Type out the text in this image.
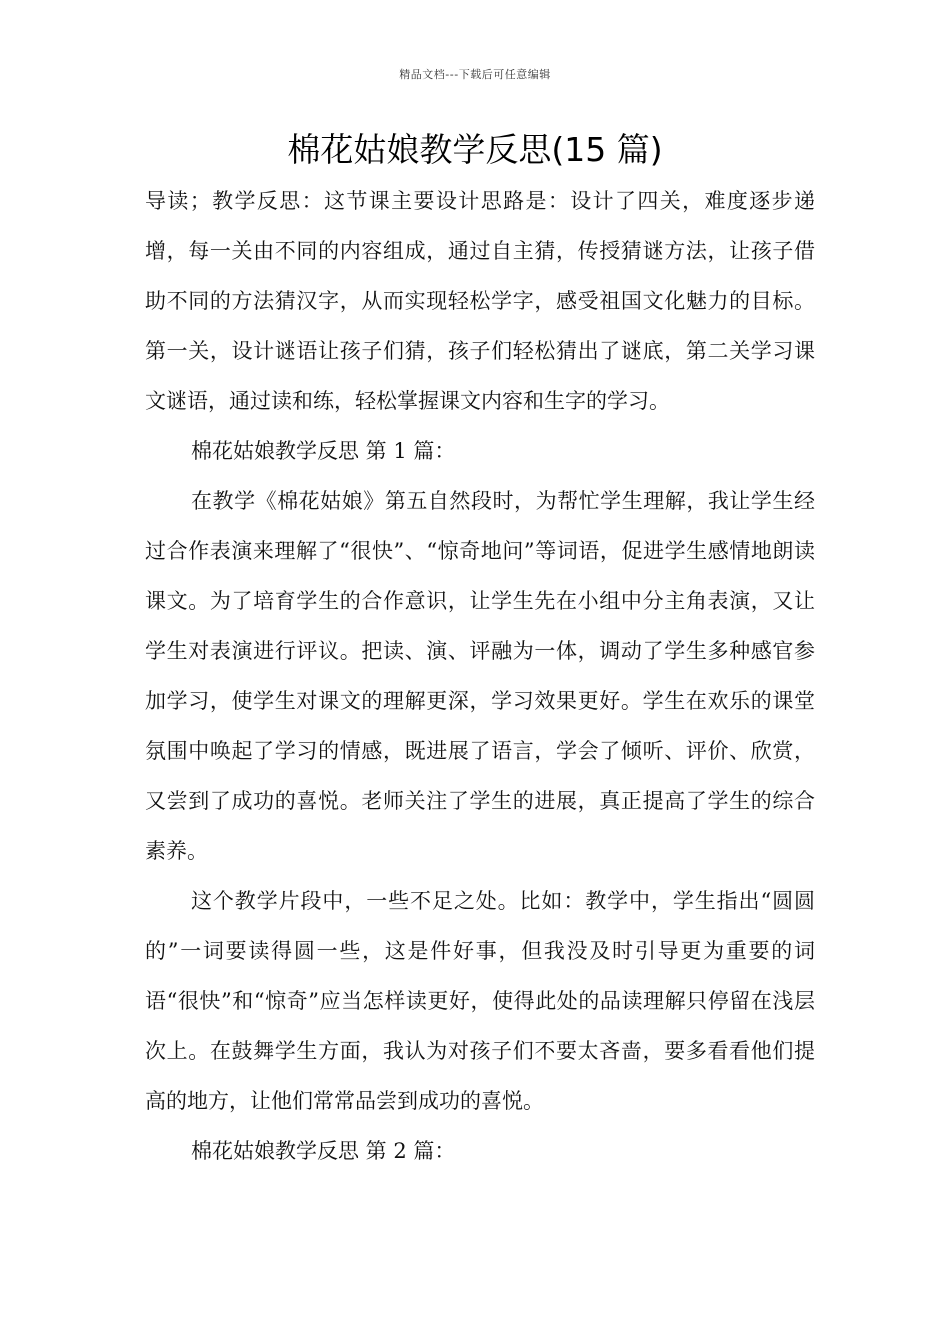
精品文档---下载后可任意编辑
棉花姑娘教学反思(15 篇)

导读；教学反思：这节课主要设计思路是：设计了四关，难度逐步递增，每一关由不同的内容组成，通过自主猜，传授猜谜方法，让孩子借助不同的方法猜汉字，从而实现轻松学字，感受祖国文化魅力的目标。第一关，设计谜语让孩子们猜，孩子们轻松猜出了谜底，第二关学习课文谜语，通过读和练，轻松掌握课文内容和生字的学习。

棉花姑娘教学反思 第 1 篇：

在教学《棉花姑娘》第五自然段时，为帮忙学生理解，我让学生经过合作表演来理解了“很快”、“惊奇地问”等词语，促进学生感情地朗读课文。为了培育学生的合作意识，让学生先在小组中分主角表演，又让学生对表演进行评议。把读、演、评融为一体，调动了学生多种感官参加学习，使学生对课文的理解更深，学习效果更好。学生在欢乐的课堂氛围中唤起了学习的情感，既进展了语言，学会了倾听、评价、欣赏，又尝到了成功的喜悦。老师关注了学生的进展，真正提高了学生的综合素养。

这个教学片段中，一些不足之处。比如：教学中，学生指出“圆圆的”一词要读得圆一些，这是件好事，但我没及时引导更为重要的词语“很快”和“惊奇”应当怎样读更好，使得此处的品读理解只停留在浅层次上。在鼓舞学生方面，我认为对孩子们不要太吝啬，要多看看他们提高的地方，让他们常常品尝到成功的喜悦。

棉花姑娘教学反思 第 2 篇：
